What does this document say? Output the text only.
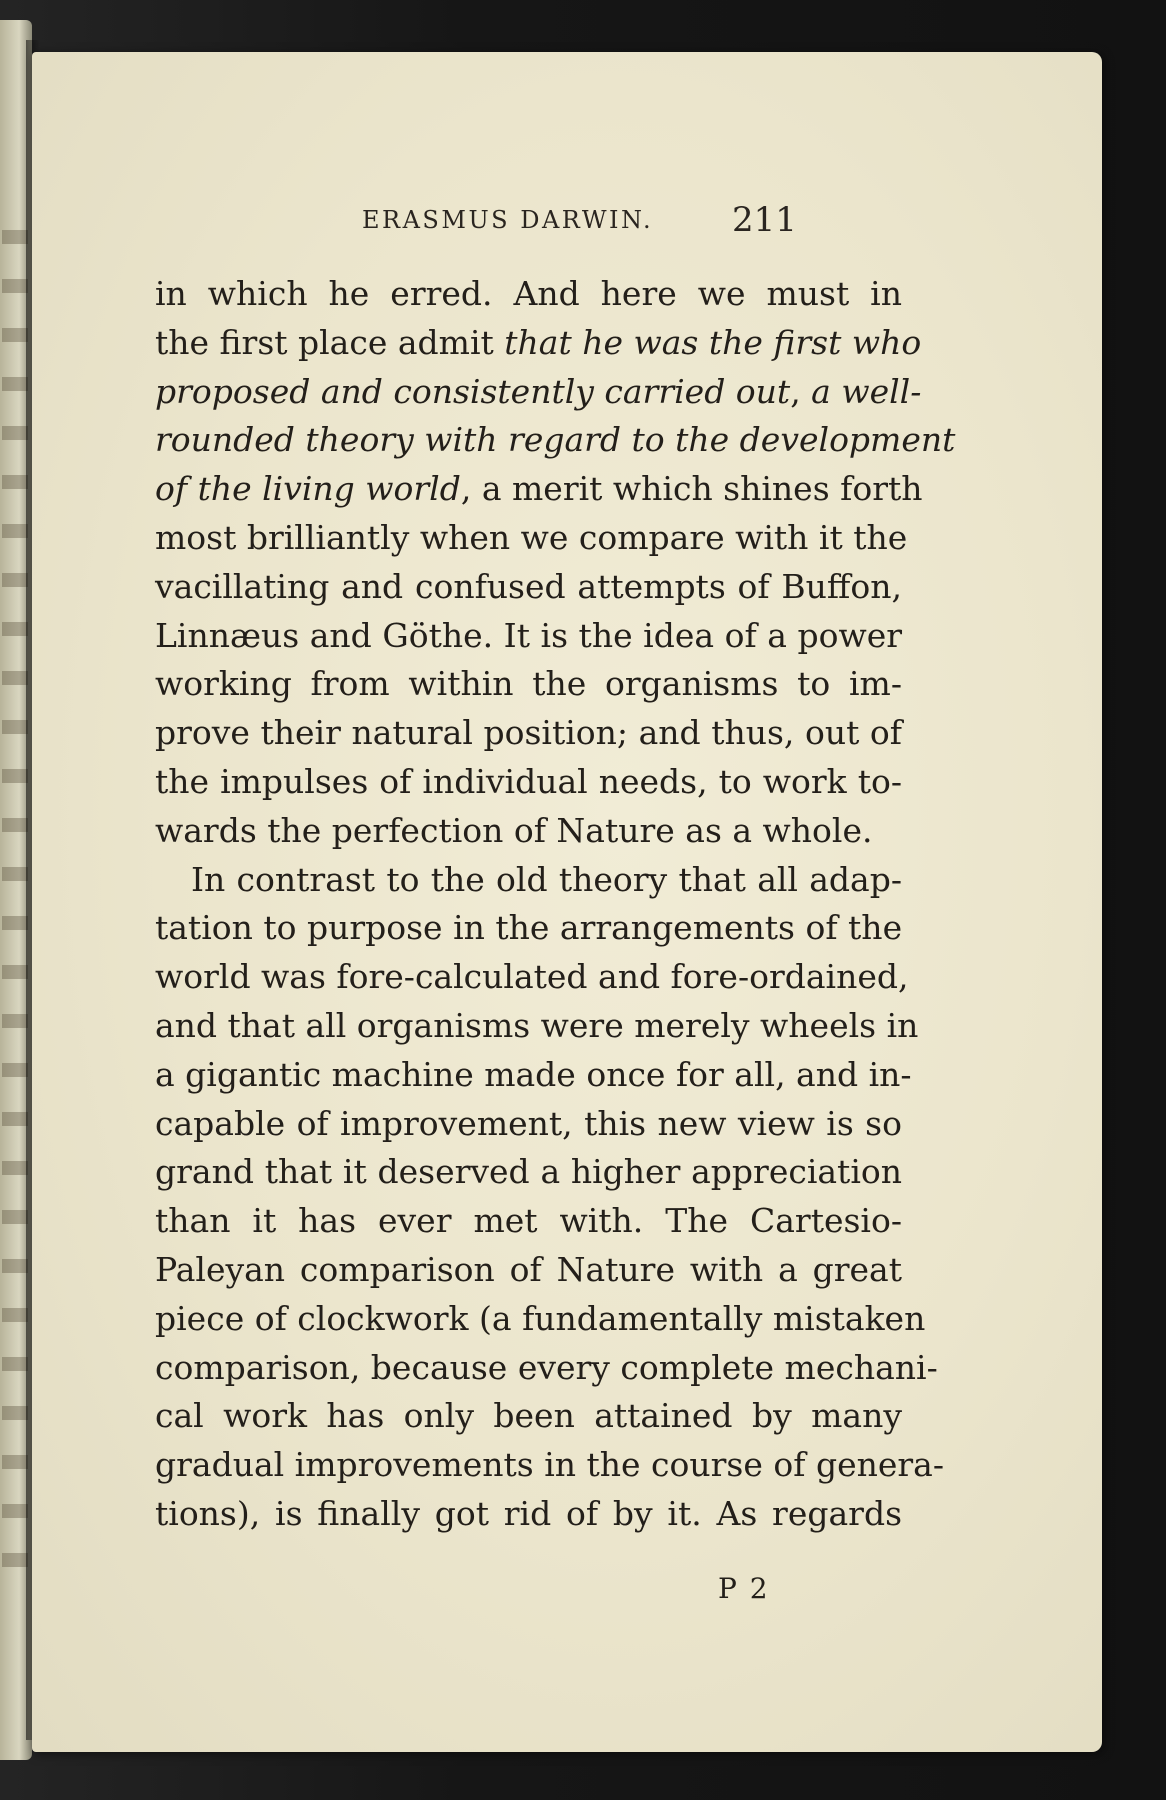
ERASMUS DARWIN. 211
in which he erred. And here we must in
the first place admit that he was the first who
proposed and consistently carried out, a well-
rounded theory with regard to the development
of the living world, a merit which shines forth
most brilliantly when we compare with it the
vacillating and confused attempts of Buffon,
Linnæus and Göthe. It is the idea of a power
working from within the organisms to im-
prove their natural position; and thus, out of
the impulses of individual needs, to work to-
wards the perfection of Nature as a whole.
In contrast to the old theory that all adap-
tation to purpose in the arrangements of the
world was fore-calculated and fore-ordained,
and that all organisms were merely wheels in
a gigantic machine made once for all, and in-
capable of improvement, this new view is so
grand that it deserved a higher appreciation
than it has ever met with. The Cartesio-
Paleyan comparison of Nature with a great
piece of clockwork (a fundamentally mistaken
comparison, because every complete mechani-
cal work has only been attained by many
gradual improvements in the course of genera-
tions), is finally got rid of by it. As regards
P 2
